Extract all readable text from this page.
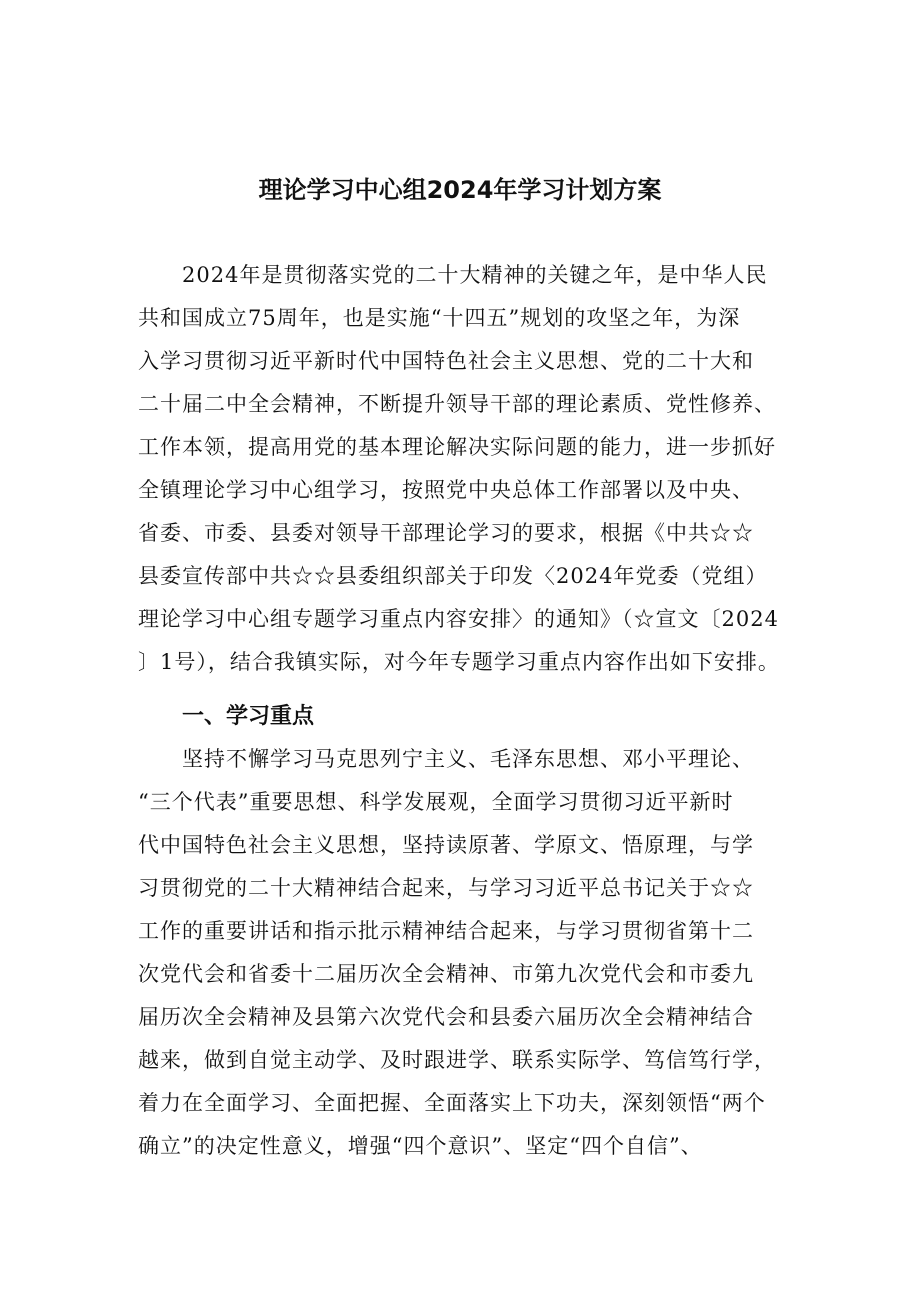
理论学习中心组2024年学习计划方案
2024年是贯彻落实党的二十大精神的关键之年，是中华人民
共和国成立75周年，也是实施“十四五”规划的攻坚之年，为深
入学习贯彻习近平新时代中国特色社会主义思想、党的二十大和
二十届二中全会精神，不断提升领导干部的理论素质、党性修养、
工作本领，提高用党的基本理论解决实际问题的能力，进一步抓好
全镇理论学习中心组学习，按照党中央总体工作部署以及中央、
省委、市委、县委对领导干部理论学习的要求，根据《中共☆☆
县委宣传部中共☆☆县委组织部关于印发〈2024年党委（党组）
理论学习中心组专题学习重点内容安排〉的通知》（☆宣文〔2024
〕1号），结合我镇实际，对今年专题学习重点内容作出如下安排。
一、学习重点
坚持不懈学习马克思列宁主义、毛泽东思想、邓小平理论、
“三个代表”重要思想、科学发展观，全面学习贯彻习近平新时
代中国特色社会主义思想，坚持读原著、学原文、悟原理，与学
习贯彻党的二十大精神结合起来，与学习习近平总书记关于☆☆
工作的重要讲话和指示批示精神结合起来，与学习贯彻省第十二
次党代会和省委十二届历次全会精神、市第九次党代会和市委九
届历次全会精神及县第六次党代会和县委六届历次全会精神结合
越来，做到自觉主动学、及时跟进学、联系实际学、笃信笃行学，
着力在全面学习、全面把握、全面落实上下功夫，深刻领悟“两个
确立”的决定性意义，增强“四个意识”、坚定“四个自信”、
